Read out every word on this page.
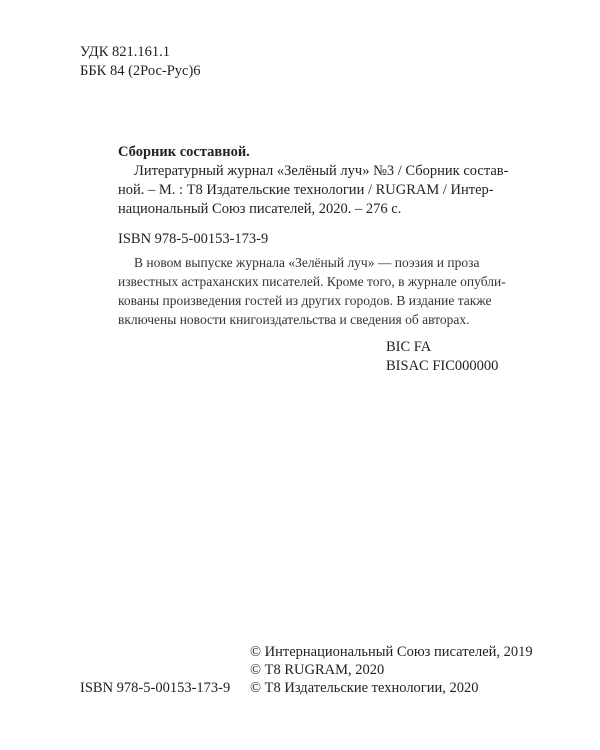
УДК 821.161.1
ББК 84 (2Рос-Рус)6
Сборник составной.
Литературный журнал «Зелёный луч» №3 / Сборник состав-
ной. – М. : Т8 Издательские технологии / RUGRAM / Интер-
национальный Союз писателей, 2020. – 276 с.
ISBN 978-5-00153-173-9
В новом выпуске журнала «Зелёный луч» — поэзия и проза
известных астраханских писателей. Кроме того, в журнале опубли-
кованы произведения гостей из других городов. В издание также
включены новости книгоиздательства и сведения об авторах.
BIC FA
BISAC FIC000000
© Интернациональный Союз писателей, 2019
© Т8 RUGRAM, 2020
ISBN 978-5-00153-173-9 © Т8 Издательские технологии, 2020
